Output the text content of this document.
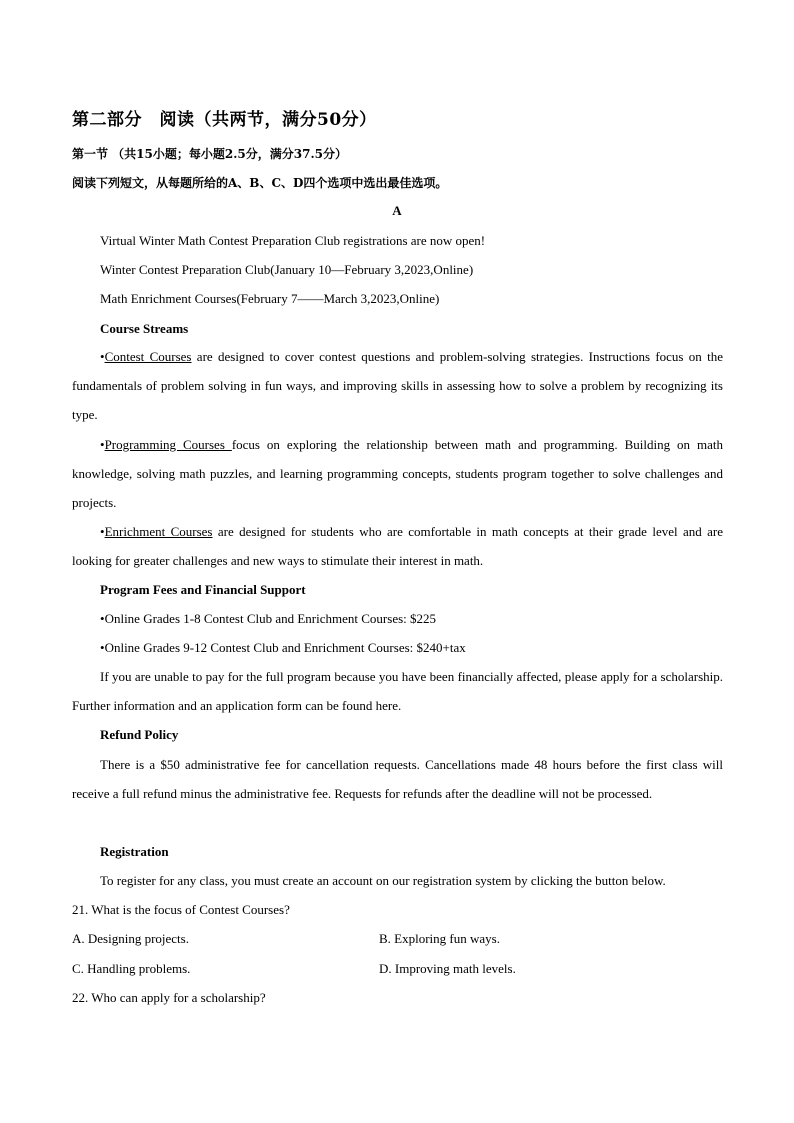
第二部分　阅读（共两节，满分50分）
第一节 （共15小题；每小题2.5分，满分37.5分）
阅读下列短文，从每题所给的A、B、C、D四个选项中选出最佳选项。
A
Virtual Winter Math Contest Preparation Club registrations are now open!
Winter Contest Preparation Club(January 10—February 3,2023,Online)
Math Enrichment Courses(February 7——March 3,2023,Online)
Course Streams
•Contest Courses are designed to cover contest questions and problem-solving strategies. Instructions focus on the fundamentals of problem solving in fun ways, and improving skills in assessing how to solve a problem by recognizing its type.
•Programming Courses focus on exploring the relationship between math and programming. Building on math knowledge, solving math puzzles, and learning programming concepts, students program together to solve challenges and projects.
•Enrichment Courses are designed for students who are comfortable in math concepts at their grade level and are looking for greater challenges and new ways to stimulate their interest in math.
Program Fees and Financial Support
•Online Grades 1-8 Contest Club and Enrichment Courses: $225
•Online Grades 9-12 Contest Club and Enrichment Courses: $240+tax
If you are unable to pay for the full program because you have been financially affected, please apply for a scholarship. Further information and an application form can be found here.
Refund Policy
There is a $50 administrative fee for cancellation requests. Cancellations made 48 hours before the first class will receive a full refund minus the administrative fee. Requests for refunds after the deadline will not be processed.
Registration
To register for any class, you must create an account on our registration system by clicking the button below.
21. What is the focus of Contest Courses?
A. Designing projects.	B. Exploring fun ways.
C. Handling problems.	D. Improving math levels.
22. Who can apply for a scholarship?
